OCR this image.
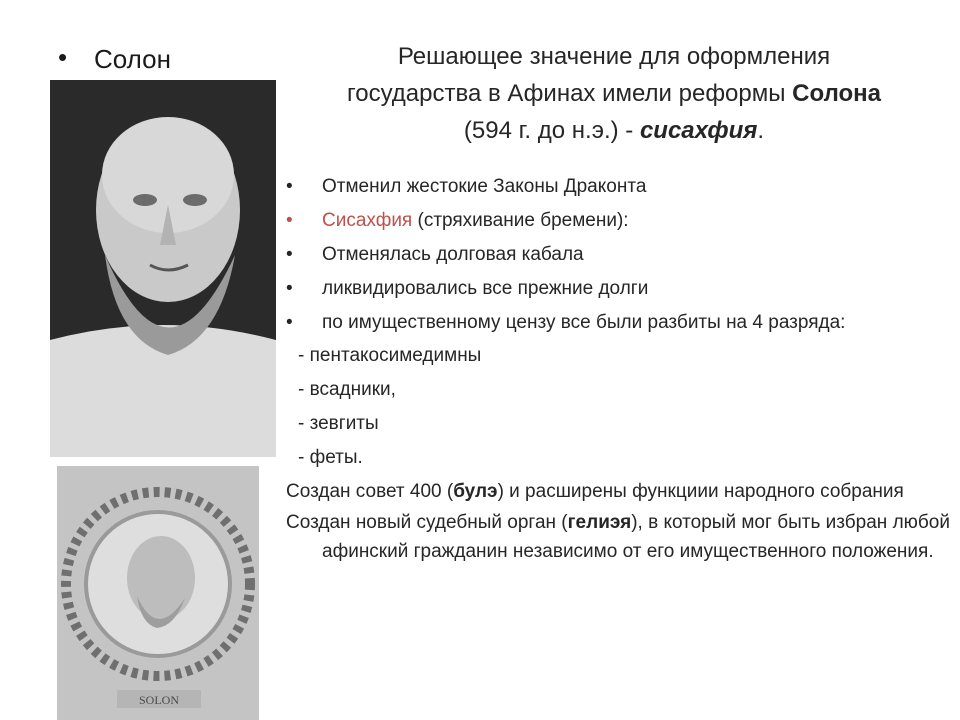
• Солон
SOLON
Решающее значение для оформления
государства в Афинах имели реформы Солона
(594 г. до н.э.) - сисахфия.
•	Отменил жестокие Законы Драконта
•	Сисахфия (стряхивание бремени):
•	Отменялась долговая кабала
•	ликвидировались все прежние долги
•	по имущественному цензу все были разбиты на 4 разряда:
- пентакосимедимны
- всадники,
- зевгиты
- феты.
Создан совет 400 (булэ) и расширены функциии народного собрания
Создан новый судебный орган (гелиэя), в который мог быть избран любой афинский гражданин независимо от его имущественного положения.
